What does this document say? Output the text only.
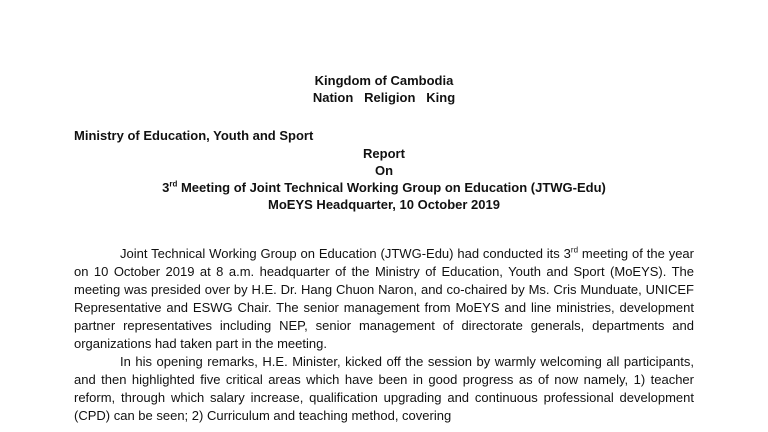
Kingdom of Cambodia
Nation   Religion   King
Ministry of Education, Youth and Sport
Report
On
3rd Meeting of Joint Technical Working Group on Education (JTWG-Edu)
MoEYS Headquarter, 10 October 2019

Joint Technical Working Group on Education (JTWG-Edu) had conducted its 3rd meeting of the year on 10 October 2019 at 8 a.m. headquarter of the Ministry of Education, Youth and Sport (MoEYS). The meeting was presided over by H.E. Dr. Hang Chuon Naron, and co-chaired by Ms. Cris Munduate, UNICEF Representative and ESWG Chair. The senior management from MoEYS and line ministries, development partner representatives including NEP, senior management of directorate generals, departments and organizations had taken part in the meeting.

In his opening remarks, H.E. Minister, kicked off the session by warmly welcoming all participants, and then highlighted five critical areas which have been in good progress as of now namely, 1) teacher reform, through which salary increase, qualification upgrading and continuous professional development (CPD) can be seen; 2) Curriculum and teaching method, covering
